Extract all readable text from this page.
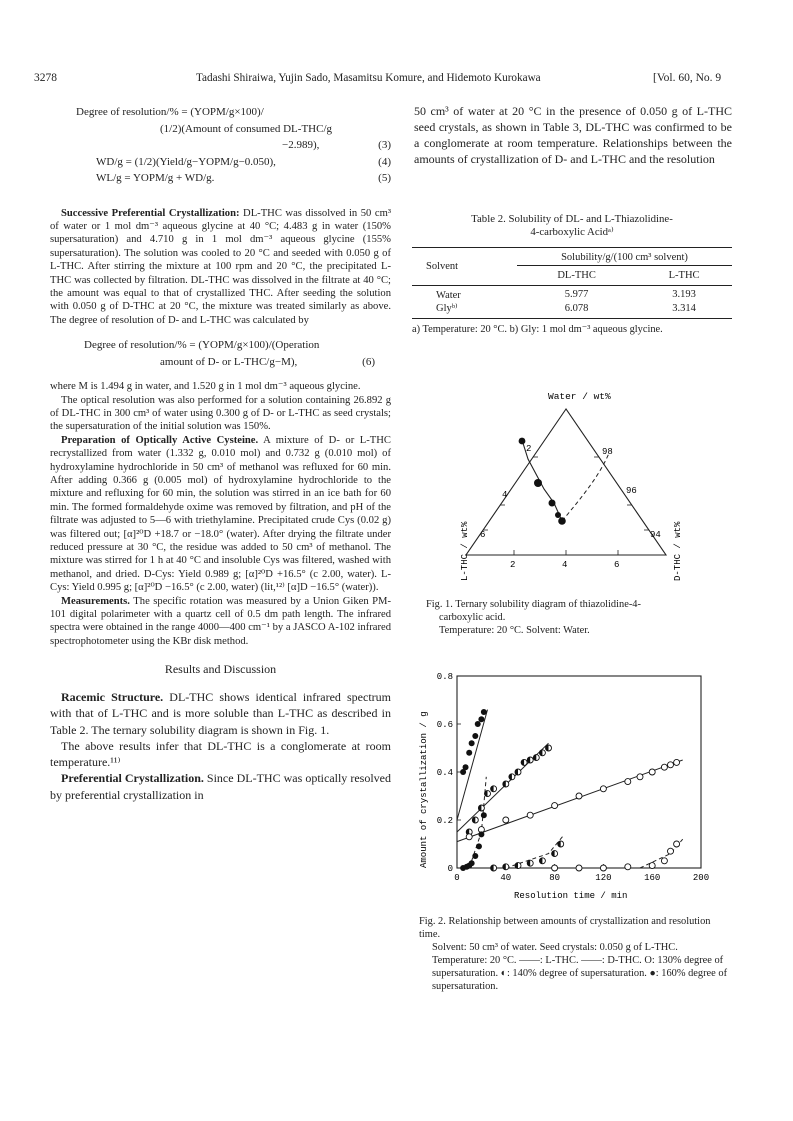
3278	Tadashi Shiraiwa, Yujin Sado, Masamitsu Komure, and Hidemoto Kurokawa	[Vol. 60, No. 9
Degree of resolution/% = (YOPM/g×100)/
(1/2)(Amount of consumed DL-THC/g
−2.989),	(3)
WD/g = (1/2)(Yield/g−YOPM/g−0.050),	(4)
WL/g = YOPM/g + WD/g.	(5)

Successive Preferential Crystallization: DL-THC was dissolved in 50 cm³ of water or 1 mol dm⁻³ aqueous glycine at 40 °C; 4.483 g in water (150% supersaturation) and 4.710 g in 1 mol dm⁻³ aqueous glycine (155% supersaturation). The solution was cooled to 20 °C and seeded with 0.050 g of L-THC. After stirring the mixture at 100 rpm and 20 °C, the precipitated L-THC was collected by filtration. DL-THC was dissolved in the filtrate at 40 °C; the amount was equal to that of crystallized THC. After seeding the solution with 0.050 g of D-THC at 20 °C, the mixture was treated similarly as above. The degree of resolution of D- and L-THC was calculated by

Degree of resolution/% = (YOPM/g×100)/(Operation
amount of D- or L-THC/g−M),	(6)

where M is 1.494 g in water, and 1.520 g in 1 mol dm⁻³ aqueous glycine.

The optical resolution was also performed for a solution containing 26.892 g of DL-THC in 300 cm³ of water using 0.300 g of D- or L-THC as seed crystals; the supersaturation of the initial solution was 150%.

Preparation of Optically Active Cysteine. A mixture of D- or L-THC recrystallized from water (1.332 g, 0.010 mol) and 0.732 g (0.010 mol) of hydroxylamine hydrochloride in 50 cm³ of methanol was refluxed for 60 min. After adding 0.366 g (0.005 mol) of hydroxylamine hydrochloride to the mixture and refluxing for 60 min, the solution was stirred in an ice bath for 60 min. The formed formaldehyde oxime was removed by filtration, and pH of the filtrate was adjusted to 5—6 with triethylamine. Precipitated crude Cys (0.02 g) was filtered out; [α]²⁰D +18.7 or −18.0° (water). After drying the filtrate under reduced pressure at 30 °C, the residue was added to 50 cm³ of methanol. The mixture was stirred for 1 h at 40 °C and insoluble Cys was filtered, washed with methanol, and dried. D-Cys: Yield 0.989 g; [α]²⁰D +16.5° (c 2.00, water). L-Cys: Yield 0.995 g; [α]²⁰D −16.5° (c 2.00, water) (lit,¹²⁾ [α]D −16.5° (water)).

Measurements. The specific rotation was measured by a Union Giken PM-101 digital polarimeter with a quartz cell of 0.5 dm path length. The infrared spectra were obtained in the range 4000—400 cm⁻¹ by a JASCO A-102 infrared spectrophotometer using the KBr disk method.

Results and Discussion

Racemic Structure. DL-THC shows identical infrared spectrum with that of L-THC and is more soluble than L-THC as described in Table 2. The ternary solubility diagram is shown in Fig. 1.

The above results infer that DL-THC is a conglomerate at room temperature.¹¹⁾

Preferential Crystallization. Since DL-THC was optically resolved by preferential crystallization in

50 cm³ of water at 20 °C in the presence of 0.050 g of L-THC seed crystals, as shown in Table 3, DL-THC was confirmed to be a conglomerate at room temperature. Relationships between the amounts of crystallization of D- and L-THC and the resolution
Table 2. Solubility of DL- and L-Thiazolidine-
4-carboxylic Acidᵃ⁾
Solvent	Solubility/g/(100 cm³ solvent)	
	DL-THC	L-THC
Water	5.977	3.193
Glyᵇ⁾	6.078	3.314
a) Temperature: 20 °C. b) Gly: 1 mol dm⁻³ aqueous glycine.
Water / wt%
2
4
6
98
96
94
2	4	6
L-THC / wt%	D-THC / wt%
Fig. 1. Ternary solubility diagram of thiazolidine-4-
carboxylic acid.
Temperature: 20 °C. Solvent: Water.
0	40	80	120	160	200
0
0.2
0.4
0.6
0.8
Amount of crystallization / g
Resolution time / min
Fig. 2. Relationship between amounts of crystallization and resolution time.
Solvent: 50 cm³ of water. Seed crystals: 0.050 g of L-THC. Temperature: 20 °C. ——: L-THC. ——: D-THC. O: 130% degree of supersaturation. ◐: 140% degree of supersaturation. ●: 160% degree of supersaturation.
